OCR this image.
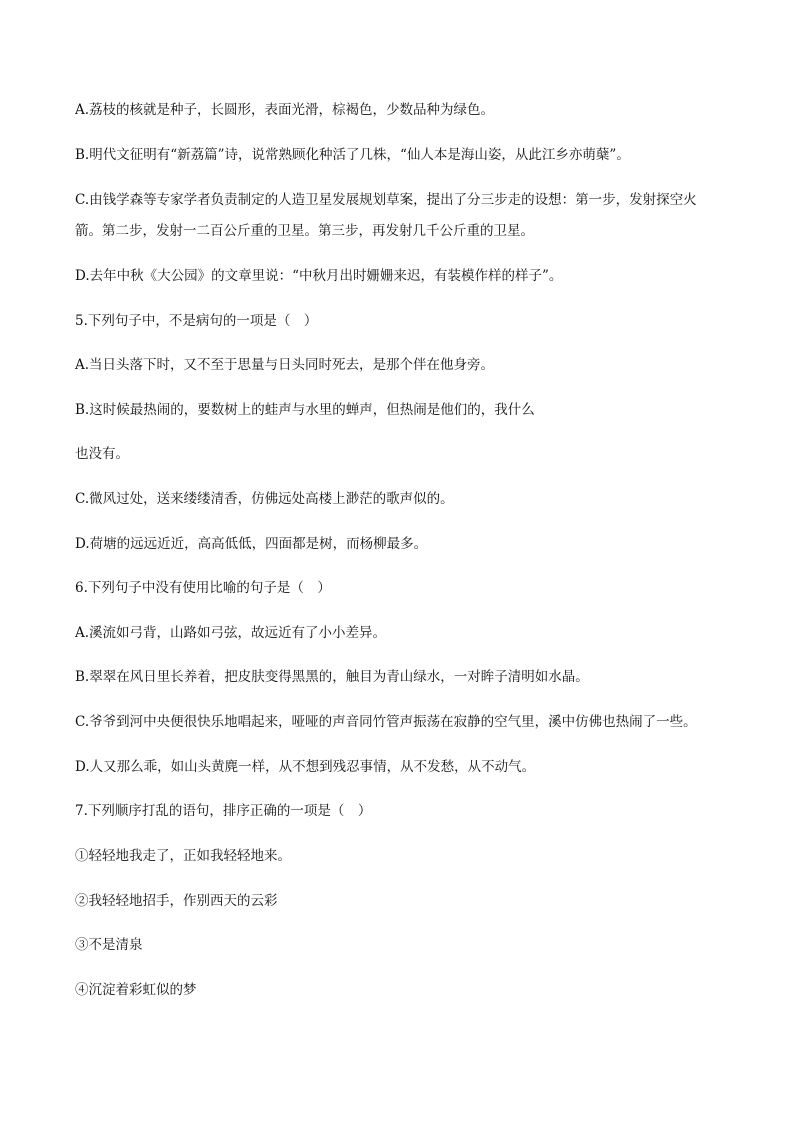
A.荔枝的核就是种子，长圆形，表面光滑，棕褐色，少数品种为绿色。
B.明代文征明有“新荔篇”诗，说常熟顾化种活了几株，“仙人本是海山姿，从此江乡亦萌蘖”。
C.由钱学森等专家学者负责制定的人造卫星发展规划草案，提出了分三步走的设想：第一步，发射探空火
箭。第二步，发射一二百公斤重的卫星。第三步，再发射几千公斤重的卫星。
D.去年中秋《大公园》的文章里说：“中秋月出时姗姗来迟，有装模作样的样子”。
5.下列句子中，不是病句的一项是（　）
A.当日头落下时，又不至于思量与日头同时死去，是那个伴在他身旁。
B.这时候最热闹的，要数树上的蛙声与水里的蝉声，但热闹是他们的，我什么
也没有。
C.微风过处，送来缕缕清香，仿佛远处高楼上渺茫的歌声似的。
D.荷塘的远远近近，高高低低，四面都是树，而杨柳最多。
6.下列句子中没有使用比喻的句子是（　）
A.溪流如弓背，山路如弓弦，故远近有了小小差异。
B.翠翠在风日里长养着，把皮肤变得黑黑的，触目为青山绿水，一对眸子清明如水晶。
C.爷爷到河中央便很快乐地唱起来，哑哑的声音同竹管声振荡在寂静的空气里，溪中仿佛也热闹了一些。
D.人又那么乖，如山头黄麂一样，从不想到残忍事情，从不发愁，从不动气。
7.下列顺序打乱的语句，排序正确的一项是（　）
①轻轻地我走了，正如我轻轻地来。
②我轻轻地招手，作别西天的云彩
③不是清泉
④沉淀着彩虹似的梦
